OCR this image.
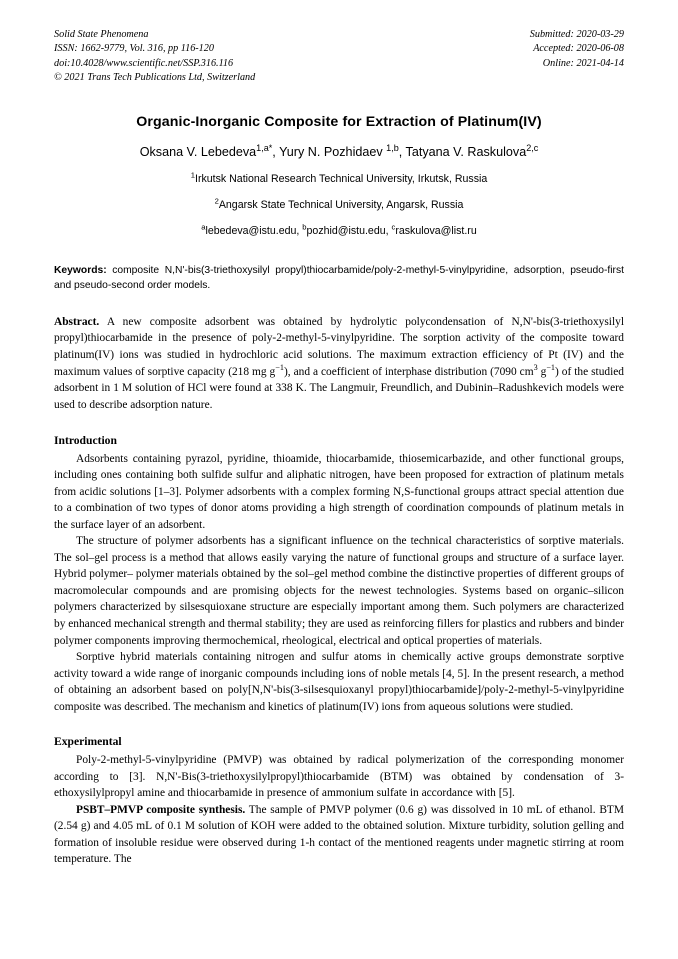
Solid State Phenomena
ISSN: 1662-9779, Vol. 316, pp 116-120
doi:10.4028/www.scientific.net/SSP.316.116
© 2021 Trans Tech Publications Ltd, Switzerland
Submitted: 2020-03-29
Accepted: 2020-06-08
Online: 2021-04-14
Organic-Inorganic Composite for Extraction of Platinum(IV)
Oksana V. Lebedeva$^{1,a*}$, Yury N. Pozhidaev $^{1,b}$, Tatyana V. Raskulova$^{2,c}$
$^1$Irkutsk National Research Technical University, Irkutsk, Russia
$^2$Angarsk State Technical University, Angarsk, Russia
$^a$lebedeva@istu.edu, $^b$pozhid@istu.edu, $^c$raskulova@list.ru
Keywords: composite N,N'-bis(3-triethoxysilyl propyl)thiocarbamide/poly-2-methyl-5-vinylpyridine, adsorption, pseudo-first and pseudo-second order models.
Abstract. A new composite adsorbent was obtained by hydrolytic polycondensation of N,N'-bis(3-triethoxysilyl propyl)thiocarbamide in the presence of poly-2-methyl-5-vinylpyridine. The sorption activity of the composite toward platinum(IV) ions was studied in hydrochloric acid solutions. The maximum extraction efficiency of Pt (IV) and the maximum values of sorptive capacity (218 mg $g^{-1}$), and a coefficient of interphase distribution (7090 $cm^3$ $g^{-1}$) of the studied adsorbent in 1 M solution of HCl were found at 338 K. The Langmuir, Freundlich, and Dubinin–Radushkevich models were used to describe adsorption nature.
Introduction

Adsorbents containing pyrazol, pyridine, thioamide, thiocarbamide, thiosemicarbazide, and other functional groups, including ones containing both sulfide sulfur and aliphatic nitrogen, have been proposed for extraction of platinum metals from acidic solutions [1–3]. Polymer adsorbents with a complex forming N,S-functional groups attract special attention due to a combination of two types of donor atoms providing a high strength of coordination compounds of platinum metals in the surface layer of an adsorbent.

The structure of polymer adsorbents has a significant influence on the technical characteristics of sorptive materials. The sol–gel process is a method that allows easily varying the nature of functional groups and structure of a surface layer. Hybrid polymer– polymer materials obtained by the sol–gel method combine the distinctive properties of different groups of macromolecular compounds and are promising objects for the newest technologies. Systems based on organic–silicon polymers characterized by silsesquioxane structure are especially important among them. Such polymers are characterized by enhanced mechanical strength and thermal stability; they are used as reinforcing fillers for plastics and rubbers and binder polymer components improving thermochemical, rheological, electrical and optical properties of materials.

Sorptive hybrid materials containing nitrogen and sulfur atoms in chemically active groups demonstrate sorptive activity toward a wide range of inorganic compounds including ions of noble metals [4, 5]. In the present research, a method of obtaining an adsorbent based on poly[N,N'-bis(3-silsesquioxanyl propyl)thiocarbamide]/poly-2-methyl-5-vinylpyridine composite was described. The mechanism and kinetics of platinum(IV) ions from aqueous solutions were studied.

Experimental

Poly-2-methyl-5-vinylpyridine (PMVP) was obtained by radical polymerization of the corresponding monomer according to [3]. N,N'-Bis(3-triethoxysilylpropyl)thiocarbamide (BTM) was obtained by condensation of 3-ethoxysilylpropyl amine and thiocarbamide in presence of ammonium sulfate in accordance with [5].

PSBT–PMVP composite synthesis. The sample of PMVP polymer (0.6 g) was dissolved in 10 mL of ethanol. BTM (2.54 g) and 4.05 mL of 0.1 M solution of KOH were added to the obtained solution. Mixture turbidity, solution gelling and formation of insoluble residue were observed during 1-h contact of the mentioned reagents under magnetic stirring at room temperature. The
